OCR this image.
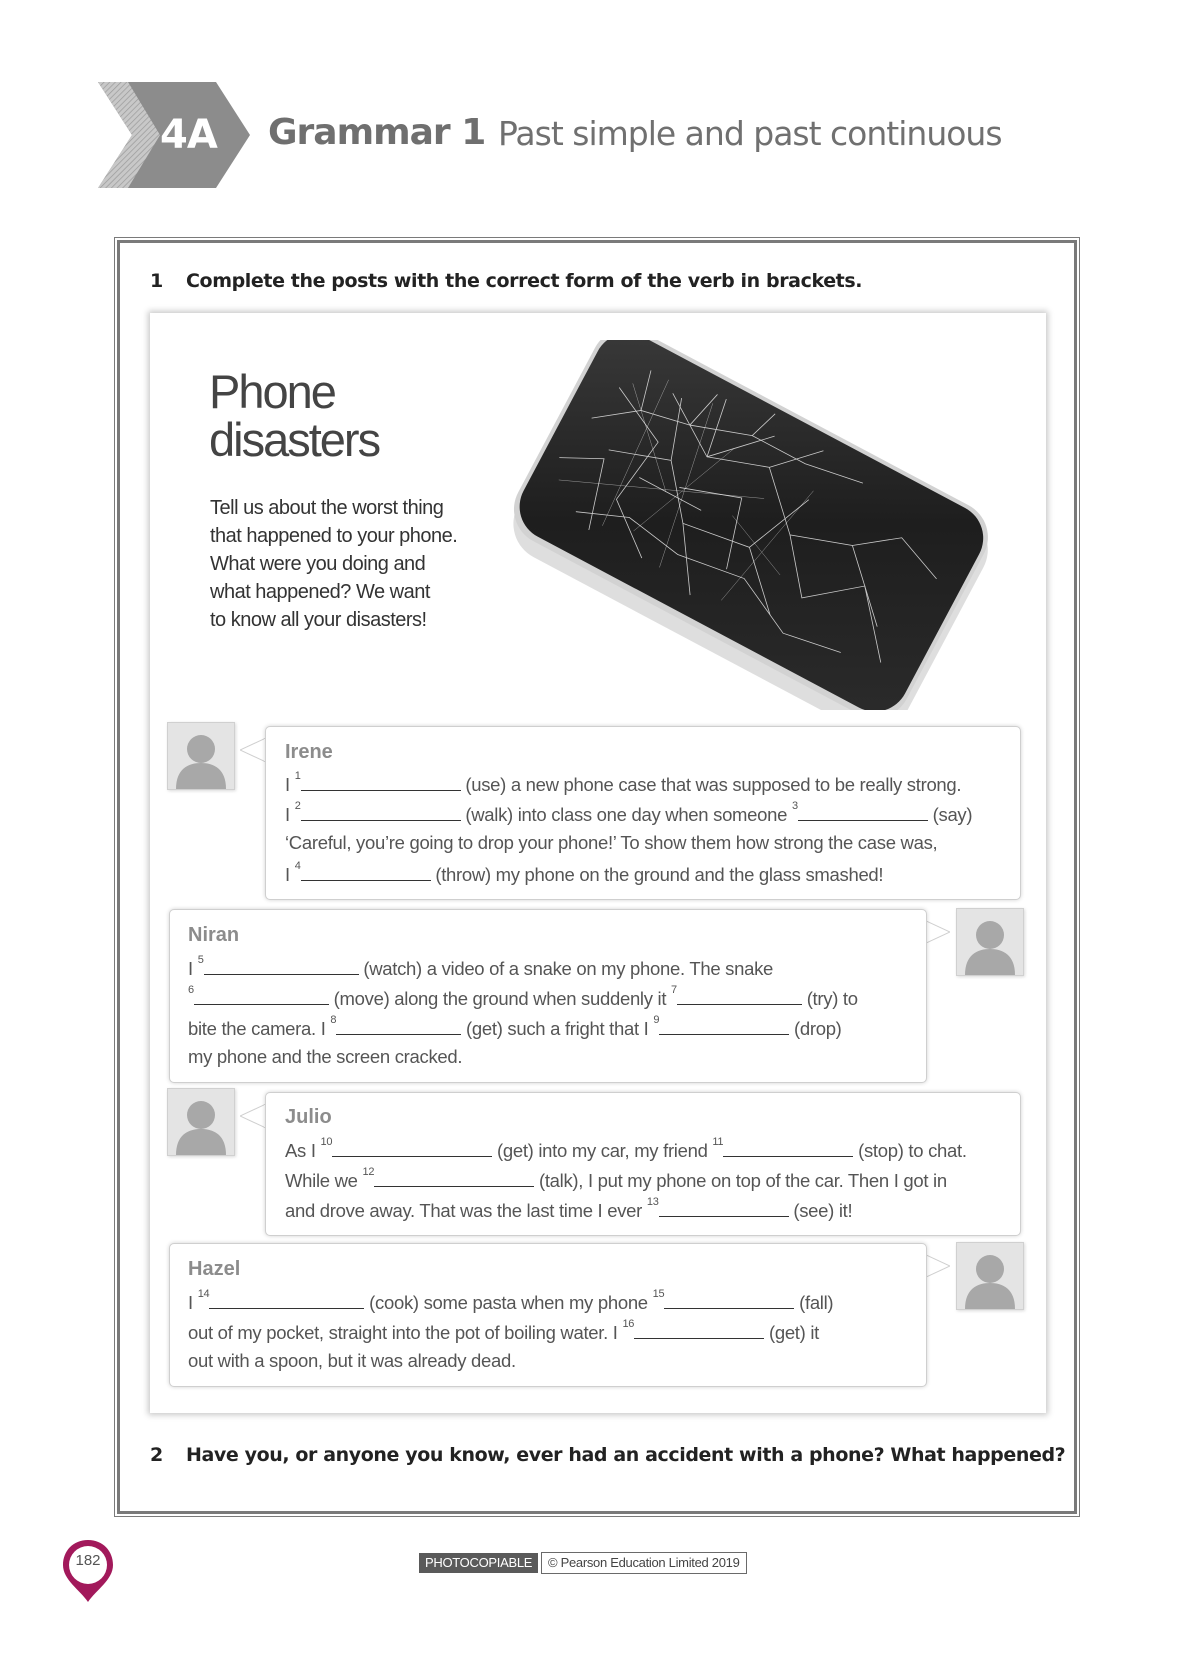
4A	Grammar 1 Past simple and past continuous
1 Complete the posts with the correct form of the verb in brackets.
Phone
disasters
Tell us about the worst thing
that happened to your phone.
What were you doing and
what happened? We want
to know all your disasters!
Irene
I $^1$	(use) a new phone case that was supposed to be really strong.
I $^2$	(walk) into class one day when someone $^3$	(say)
‘Careful, you’re going to drop your phone!’ To show them how strong the case was,
I $^4$	(throw) my phone on the ground and the glass smashed!
Niran
I $^5$	(watch) a video of a snake on my phone. The snake
$^6$	(move) along the ground when suddenly it $^7$	(try) to
bite the camera. I $^8$	(get) such a fright that I $^9$	(drop)
my phone and the screen cracked.
Julio
As I $^{10}$	(get) into my car, my friend $^{11}$	(stop) to chat.
While we $^{12}$	(talk), I put my phone on top of the car. Then I got in
and drove away. That was the last time I ever $^{13}$	(see) it!
Hazel
I $^{14}$	(cook) some pasta when my phone $^{15}$	(fall)
out of my pocket, straight into the pot of boiling water. I $^{16}$	(get) it
out with a spoon, but it was already dead.
2 Have you, or anyone you know, ever had an accident with a phone? What happened?
182	PHOTOCOPIABLE	© Pearson Education Limited 2019
